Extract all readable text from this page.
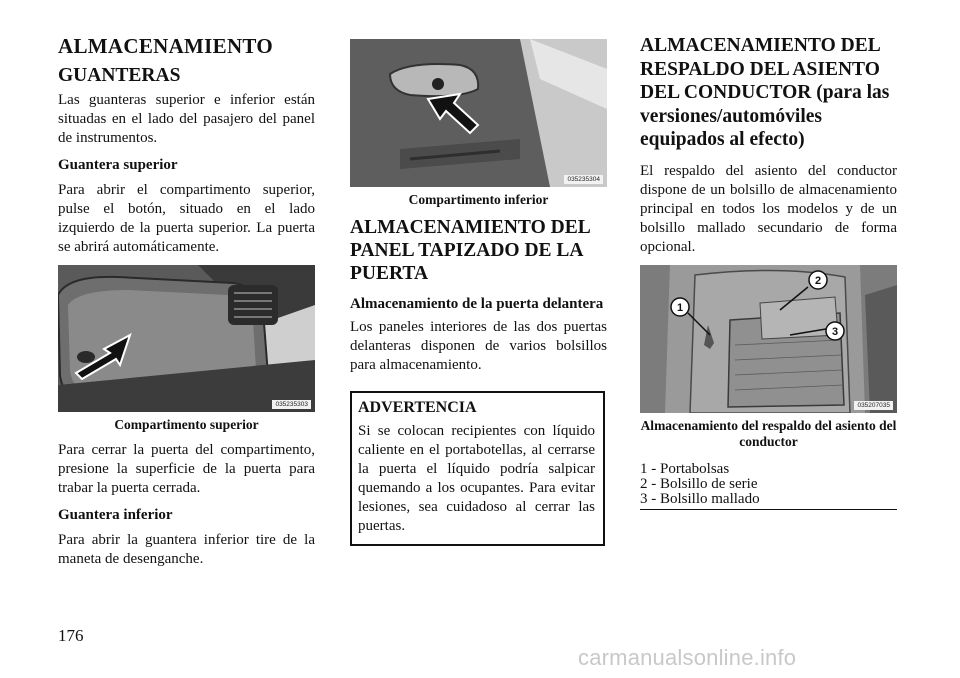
ALMACENAMIENTO
GUANTERAS

Las guanteras superior e inferior están situadas en el lado del pasajero del panel de instrumentos.

Guantera superior

Para abrir el compartimento superior, pulse el botón, situado en el lado izquierdo de la puerta superior. La puerta se abrirá automáticamente.

035235303
Compartimento superior

Para cerrar la puerta del compartimento, presione la superficie de la puerta para trabar la puerta cerrada.

Guantera inferior

Para abrir la guantera inferior tire de la maneta de desenganche.

035235304
Compartimento inferior
ALMACENAMIENTO DEL PANEL TAPIZADO DE LA PUERTA
Almacenamiento de la puerta delantera

Los paneles interiores de las dos puertas delanteras disponen de varios bolsillos para almacenamiento.

ADVERTENCIA

Si se colocan recipientes con líquido caliente en el portabotellas, al cerrarse la puerta el líquido podría salpicar quemando a los ocupantes. Para evitar lesiones, sea cuidadoso al cerrar las puertas.

ALMACENAMIENTO DEL RESPALDO DEL ASIENTO DEL CONDUCTOR (para las versiones/automóviles equipados al efecto)

El respaldo del asiento del conductor dispone de un bolsillo de almacenamiento principal en todos los modelos y de un bolsillo mallado secundario de forma opcional.

1
2
3
035207035
Almacenamiento del respaldo del asiento del conductor
1 - Portabolsas
2 - Bolsillo de serie
3 - Bolsillo mallado
176
carmanualsonline.info
